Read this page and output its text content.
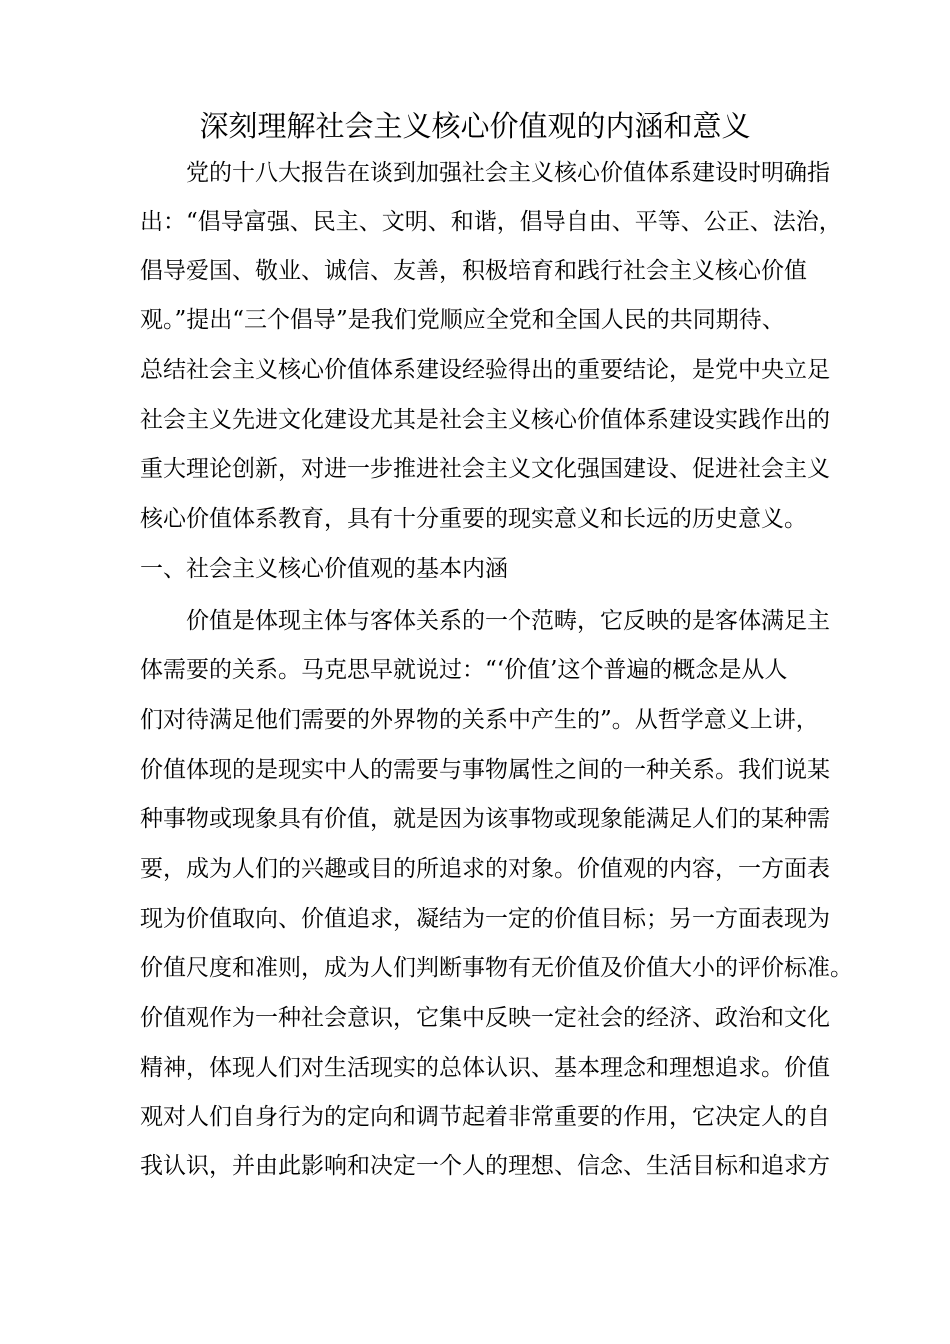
深刻理解社会主义核心价值观的内涵和意义
党的十八大报告在谈到加强社会主义核心价值体系建设时明确指
出：“倡导富强、民主、文明、和谐，倡导自由、平等、公正、法治，
倡导爱国、敬业、诚信、友善，积极培育和践行社会主义核心价值
观。”提出“三个倡导”是我们党顺应全党和全国人民的共同期待、
总结社会主义核心价值体系建设经验得出的重要结论，是党中央立足
社会主义先进文化建设尤其是社会主义核心价值体系建设实践作出的
重大理论创新，对进一步推进社会主义文化强国建设、促进社会主义
核心价值体系教育，具有十分重要的现实意义和长远的历史意义。
一、社会主义核心价值观的基本内涵
价值是体现主体与客体关系的一个范畴，它反映的是客体满足主
体需要的关系。马克思早就说过：“‘价值’这个普遍的概念是从人
们对待满足他们需要的外界物的关系中产生的”。从哲学意义上讲，
价值体现的是现实中人的需要与事物属性之间的一种关系。我们说某
种事物或现象具有价值，就是因为该事物或现象能满足人们的某种需
要，成为人们的兴趣或目的所追求的对象。价值观的内容，一方面表
现为价值取向、价值追求，凝结为一定的价值目标；另一方面表现为
价值尺度和准则，成为人们判断事物有无价值及价值大小的评价标准。
价值观作为一种社会意识，它集中反映一定社会的经济、政治和文化
精神，体现人们对生活现实的总体认识、基本理念和理想追求。价值
观对人们自身行为的定向和调节起着非常重要的作用，它决定人的自
我认识，并由此影响和决定一个人的理想、信念、生活目标和追求方
